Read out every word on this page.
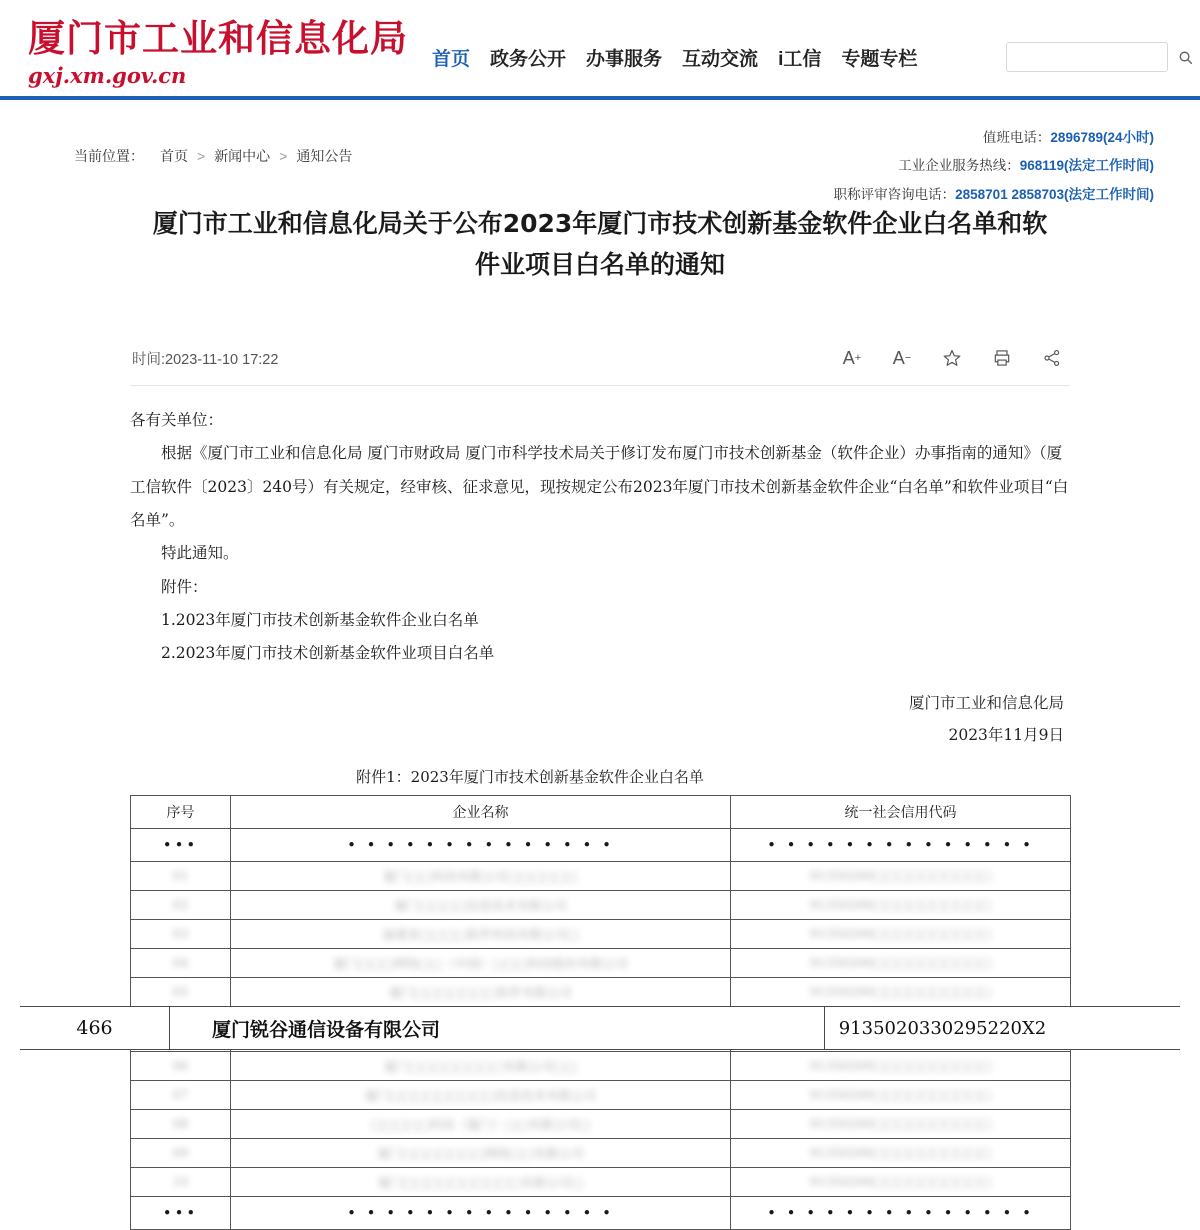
厦门市工业和信息化局
gxj.xm.gov.cn
首页 政务公开 办事服务 互动交流 i工信 专题专栏
当前位置： 首页 > 新闻中心 > 通知公告
值班电话：2896789(24小时)
工业企业服务热线：968119(法定工作时间)
职称评审咨询电话：2858701 2858703(法定工作时间)
厦门市工业和信息化局关于公布2023年厦门市技术创新基金软件企业白名单和软件业项目白名单的通知
时间:2023-11-10 17:22	A + A −

各有关单位：

根据《厦门市工业和信息化局 厦门市财政局 厦门市科学技术局关于修订发布厦门市技术创新基金（软件企业）办事指南的通知》（厦工信软件〔2023〕240号）有关规定，经审核、征求意见，现按规定公布2023年厦门市技术创新基金软件企业“白名单”和软件业项目“白名单”。

特此通知。

附件：

1.2023年厦门市技术创新基金软件企业白名单

2.2023年厦门市技术创新基金软件业项目白名单

厦门市工业和信息化局
2023年11月9日
附件1：2023年厦门市技术创新基金软件企业白名单
序号	企业名称	统一社会信用代码
•••	• • • • • • • • • • • • • •	• • • • • • • • • • • • • •
01	厦门□□科技有限公司□□□□□□	91350200□□□□□□□□□□
02	厦门□□□□信息技术有限公司	91350200□□□□□□□□□□
03	福建省□□□□软件科技有限公司□	91350200□□□□□□□□□□
04	厦门□□□网络□□（中国）□□□科技股份有限公司	91350200□□□□□□□□□□
05	厦门□□□□□□□软件有限公司	91350200□□□□□□□□□□
06	厦门□□□□□□□□有限公司□□	91350200□□□□□□□□□□
07	厦门□□□□□□□□□信息技术有限公司	91350200□□□□□□□□□□
08	□□□□□科技（厦门）□□有限公司□	91350200□□□□□□□□□□
09	厦门□□□□□□□网络□□有限公司	91350200□□□□□□□□□□
10	厦门□□□□□□□□□□有限公司□	91350200□□□□□□□□□□
•••	• • • • • • • • • • • • • •	• • • • • • • • • • • • • •
466	厦门锐谷通信设备有限公司	9135020330295220X2
